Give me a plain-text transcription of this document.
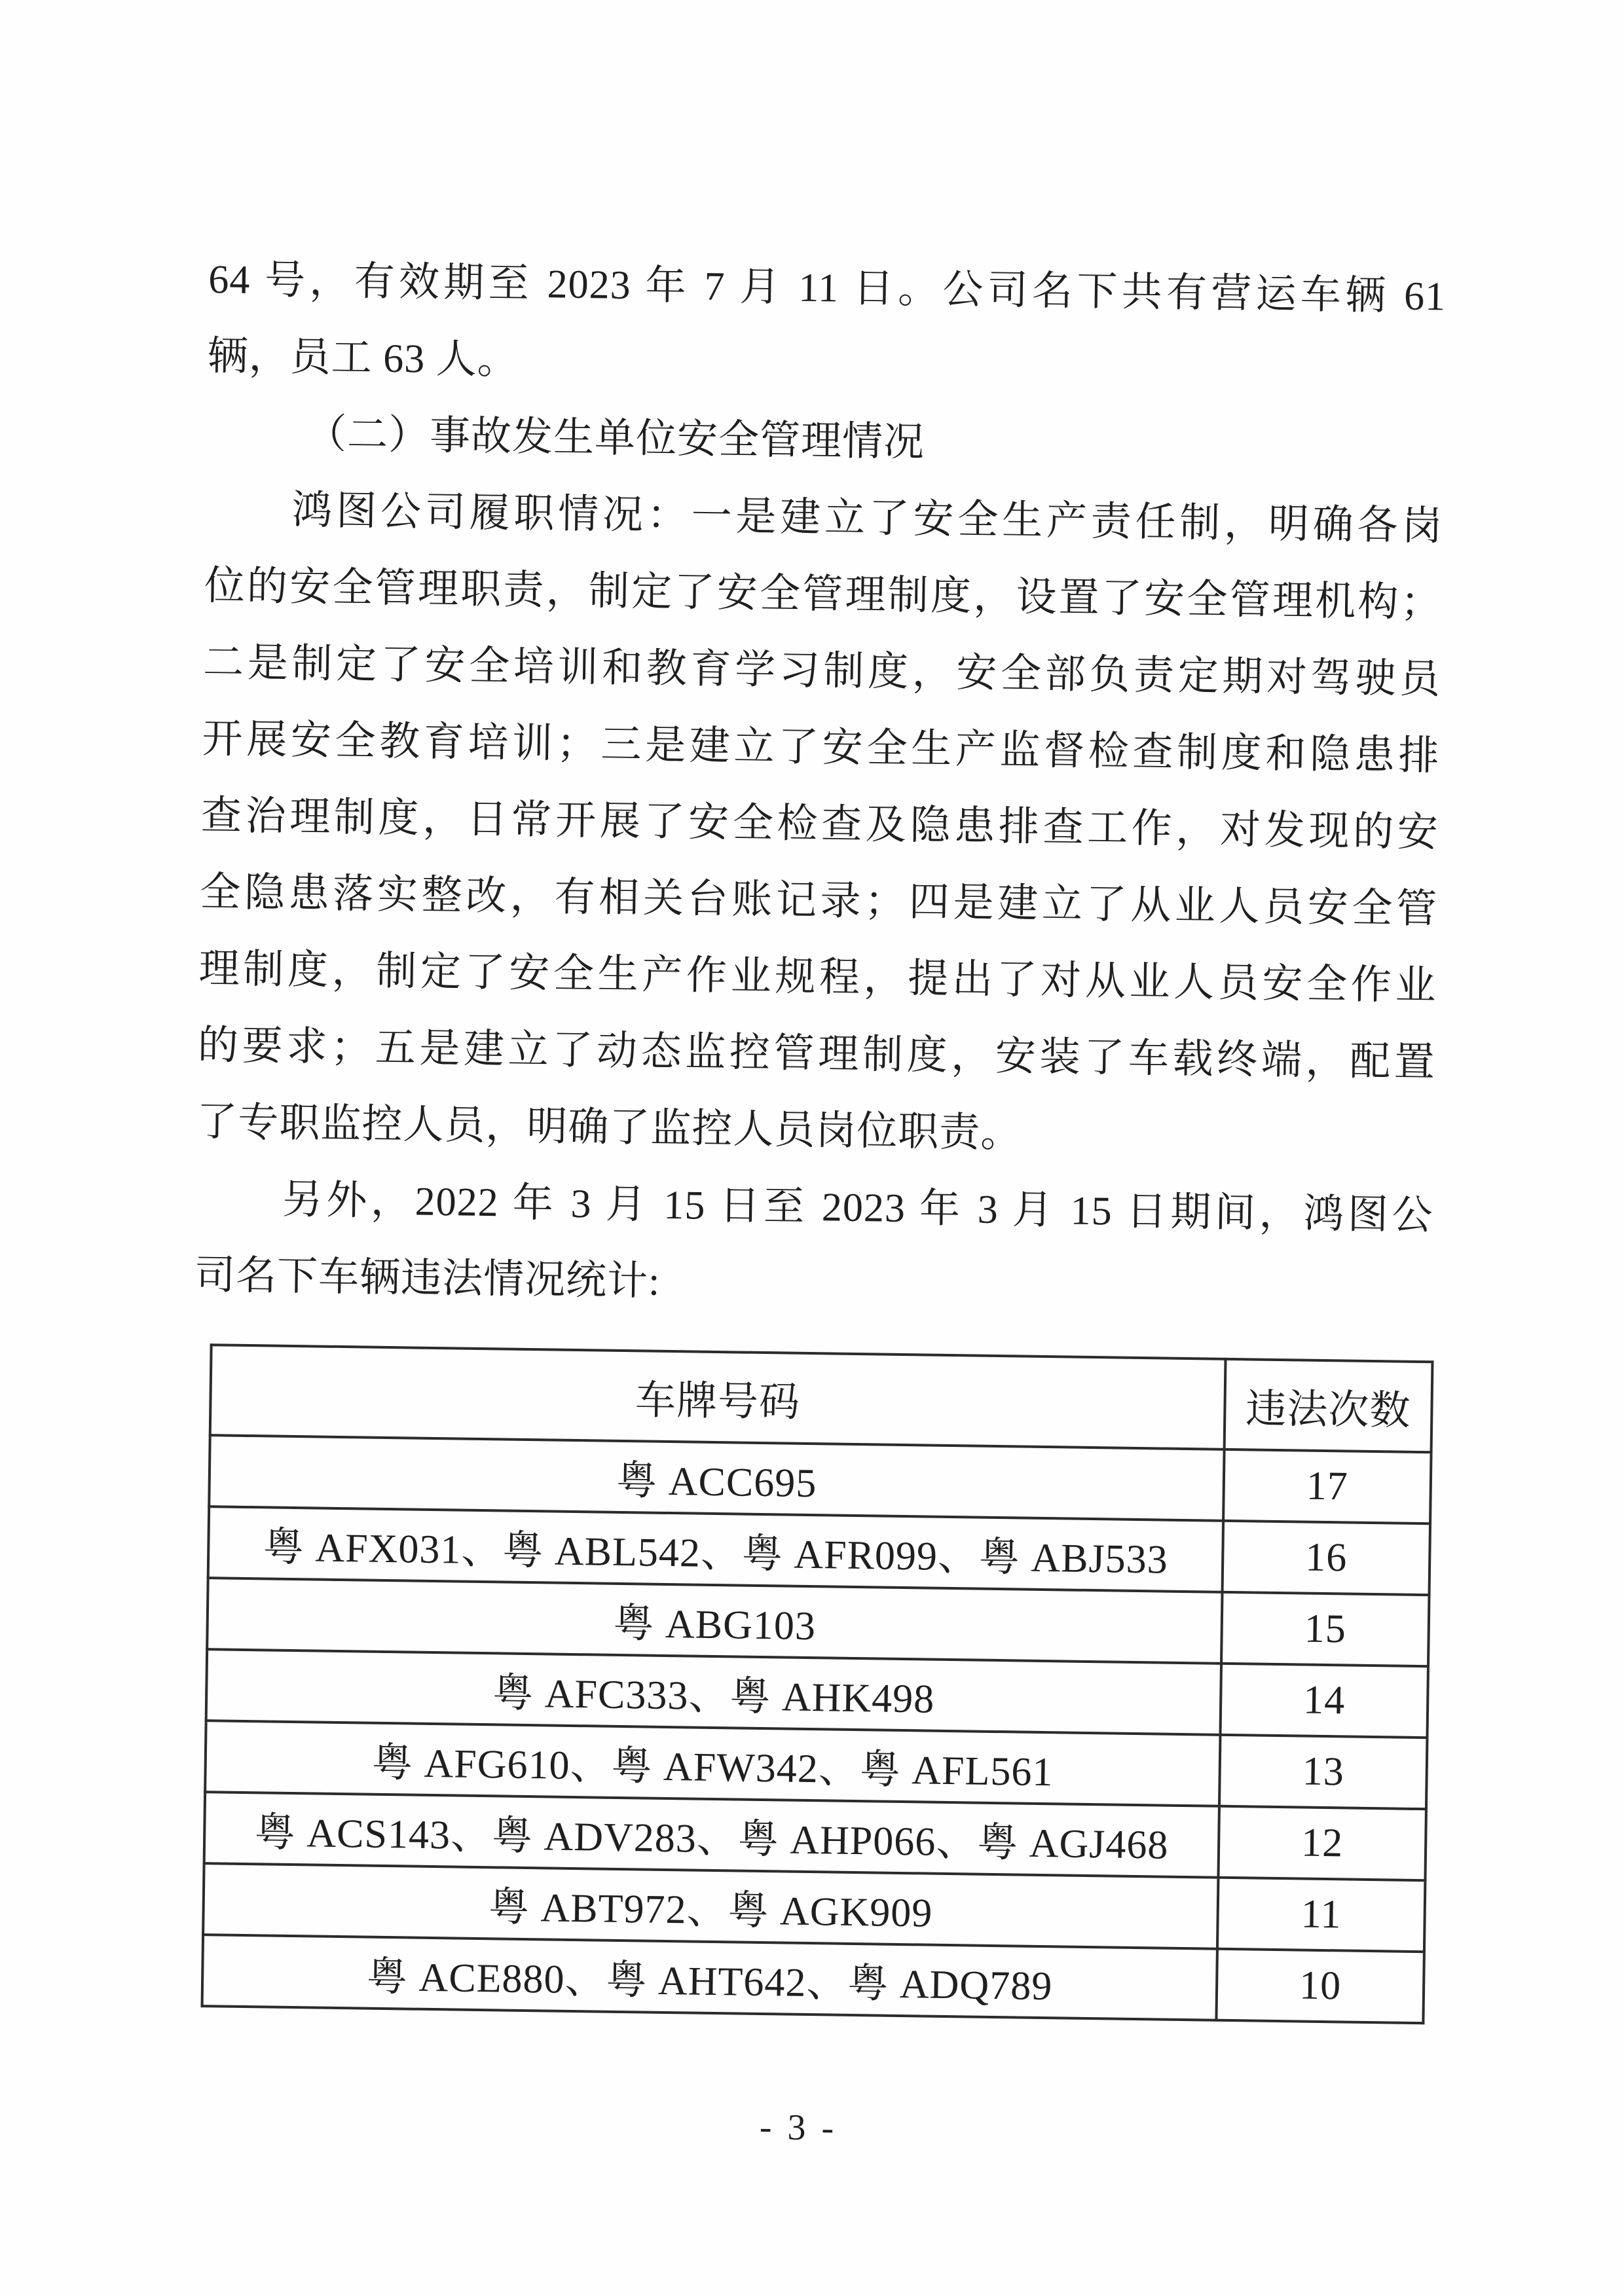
64 号，有效期至 2023 年 7 月 11 日。公司名下共有营运车辆 61
辆，员工 63 人。
（二）事故发生单位安全管理情况
鸿图公司履职情况：一是建立了安全生产责任制，明确各岗
位的安全管理职责，制定了安全管理制度，设置了安全管理机构；
二是制定了安全培训和教育学习制度，安全部负责定期对驾驶员
开展安全教育培训；三是建立了安全生产监督检查制度和隐患排
查治理制度，日常开展了安全检查及隐患排查工作，对发现的安
全隐患落实整改，有相关台账记录；四是建立了从业人员安全管
理制度，制定了安全生产作业规程，提出了对从业人员安全作业
的要求；五是建立了动态监控管理制度，安装了车载终端，配置
了专职监控人员，明确了监控人员岗位职责。
另外，2022 年 3 月 15 日至 2023 年 3 月 15 日期间，鸿图公
司名下车辆违法情况统计:
车牌号码	违法次数
粤 ACC695	17
粤 AFX031、粤 ABL542、粤 AFR099、粤 ABJ533	16
粤 ABG103	15
粤 AFC333、粤 AHK498	14
粤 AFG610、粤 AFW342、粤 AFL561	13
粤 ACS143、粤 ADV283、粤 AHP066、粤 AGJ468	12
粤 ABT972、粤 AGK909	11
粤 ACE880、粤 AHT642、粤 ADQ789	10
- 3 -
